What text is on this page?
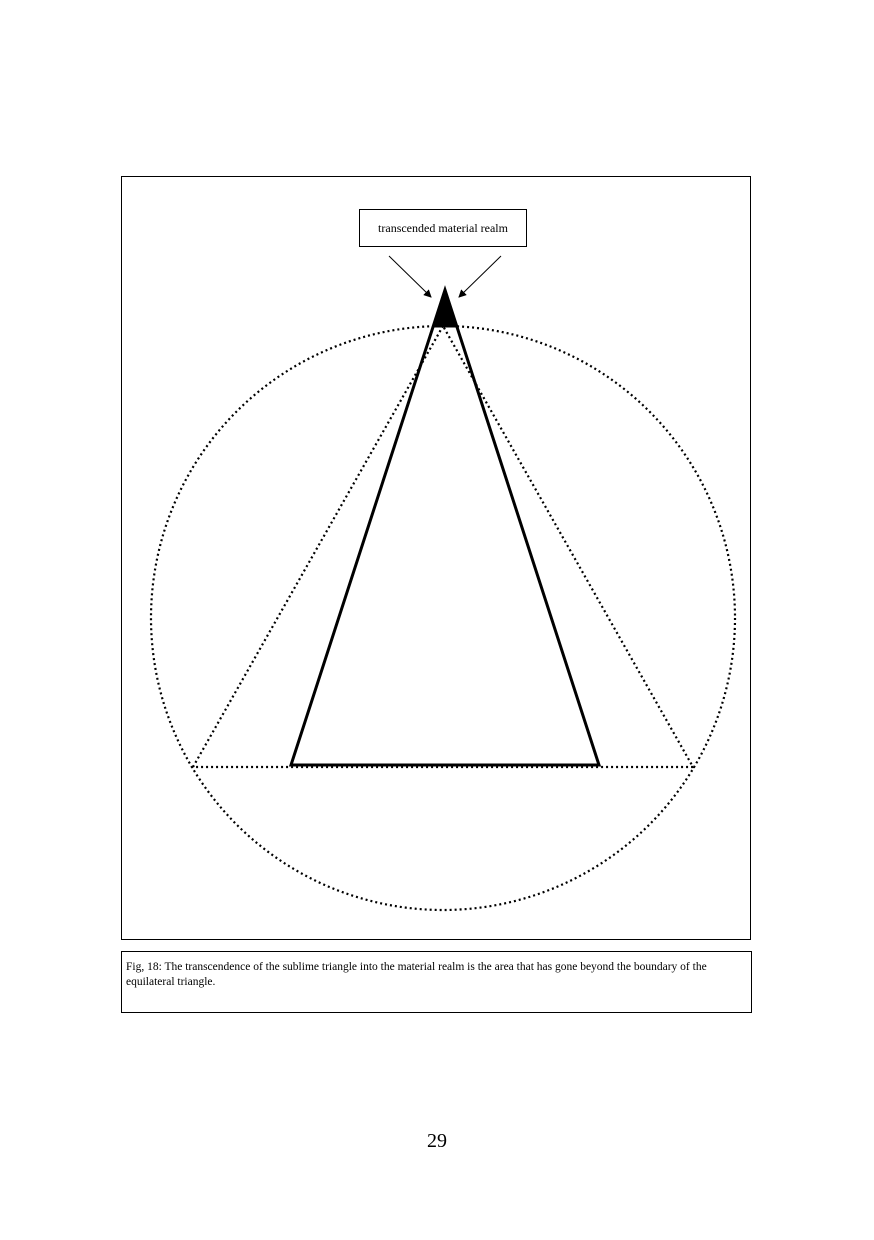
transcended material realm
Fig, 18: The transcendence of the sublime triangle into the material realm is the area that has gone beyond the boundary of the equilateral triangle.
29
